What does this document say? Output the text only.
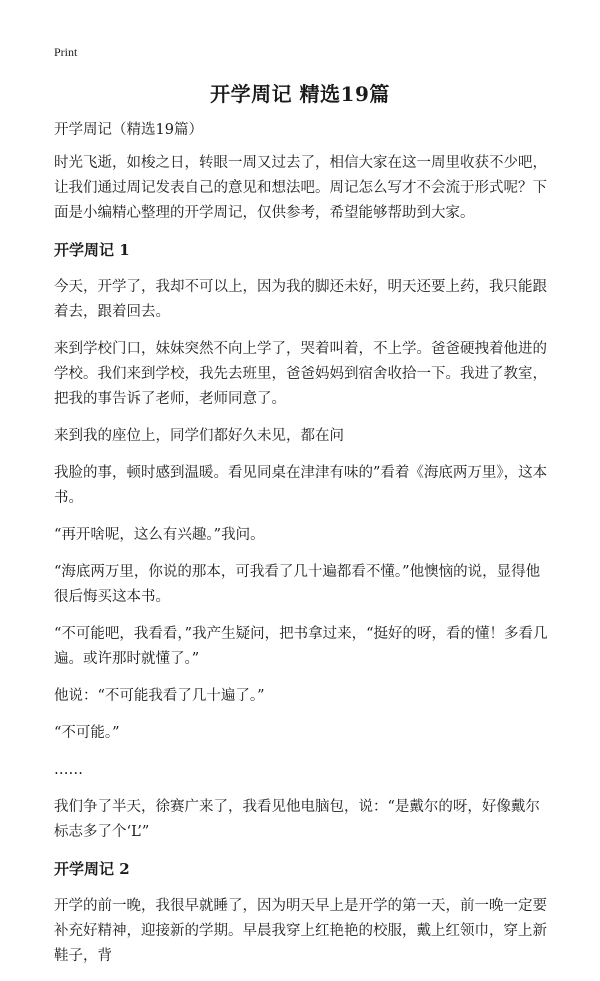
Print
开学周记 精选19篇

开学周记（精选19篇）

时光飞逝，如梭之日，转眼一周又过去了，相信大家在这一周里收获不少吧，让我们通过周记发表自己的意见和想法吧。周记怎么写才不会流于形式呢？下面是小编精心整理的开学周记，仅供参考，希望能够帮助到大家。

开学周记 1

今天，开学了，我却不可以上，因为我的脚还未好，明天还要上药，我只能跟着去，跟着回去。

来到学校门口，妹妹突然不向上学了，哭着叫着，不上学。爸爸硬拽着他进的学校。我们来到学校，我先去班里，爸爸妈妈到宿舍收拾一下。我进了教室，把我的事告诉了老师，老师同意了。

来到我的座位上，同学们都好久未见，都在问

我脸的事，顿时感到温暖。看见同桌在津津有味的”看着《海底两万里》，这本书。

“再开啥呢，这么有兴趣。”我问。

“海底两万里，你说的那本，可我看了几十遍都看不懂。”他懊恼的说，显得他很后悔买这本书。

“不可能吧，我看看，”我产生疑问，把书拿过来，“挺好的呀，看的懂！多看几遍。或许那时就懂了。”

他说：“不可能我看了几十遍了。”

“不可能。”

……

我们争了半天，徐赛广来了，我看见他电脑包，说：“是戴尔的呀，好像戴尔标志多了个‘L’”

开学周记 2

开学的前一晚，我很早就睡了，因为明天早上是开学的第一天，前一晚一定要补充好精神，迎接新的学期。早晨我穿上红艳艳的校服，戴上红领巾，穿上新鞋子，背
